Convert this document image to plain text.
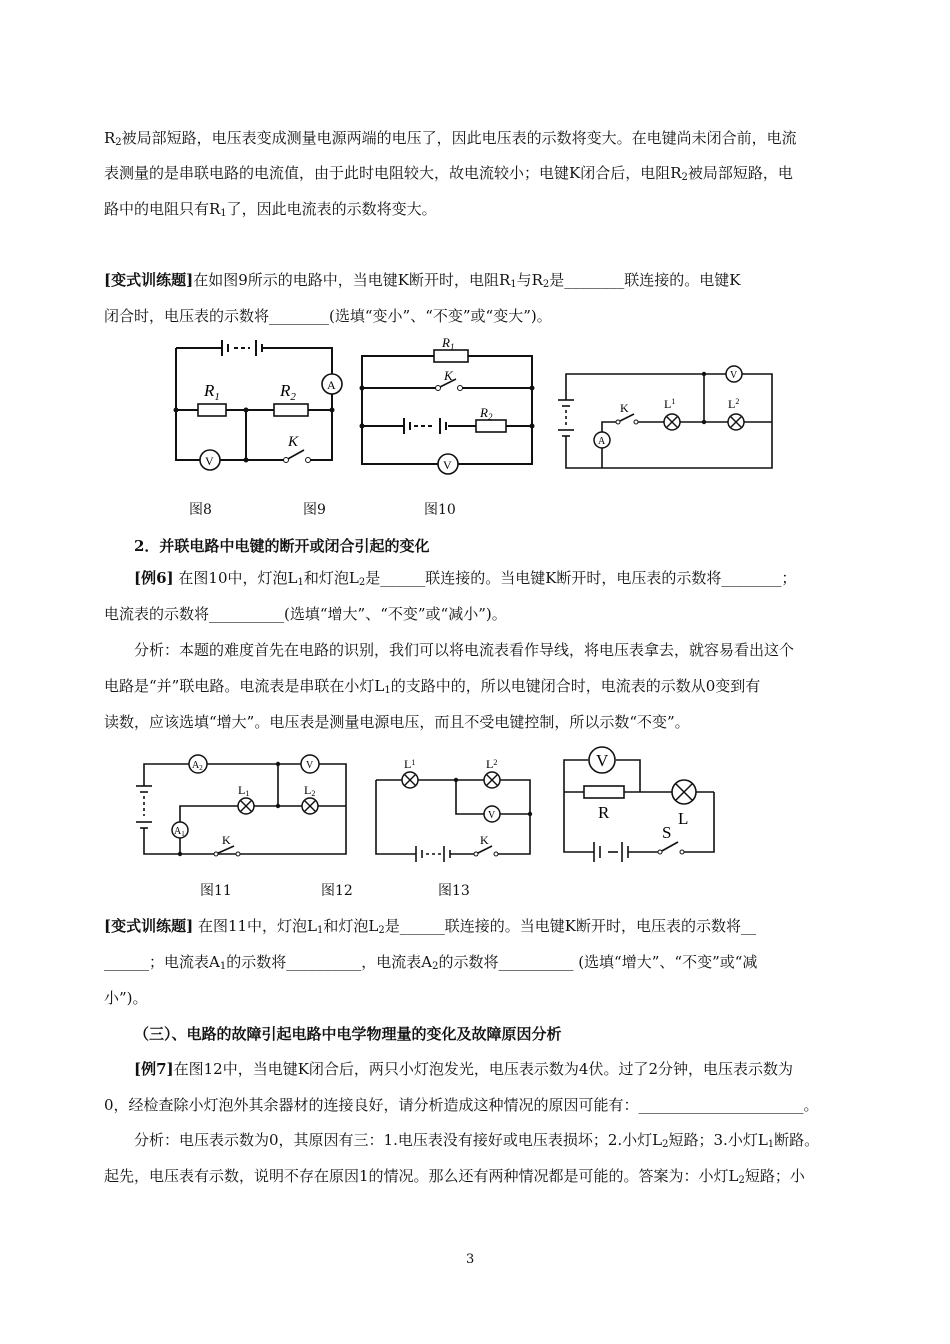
$R_2$被局部短路，电压表变成测量电源两端的电压了，因此电压表的示数将变大。在电键尚未闭合前，电流
表测量的是串联电路的电流值，由于此时电阻较大，故电流较小；电键K闭合后，电阻$R_2$被局部短路，电
路中的电阻只有$R_1$了，因此电流表的示数将变大。
[变式训练题]在如图9所示的电路中，当电键K断开时，电阻$R_1$与$R_2$是________联连接的。电键K
闭合时，电压表的示数将________(选填“变小”、“不变”或“变大”)。
$R_1$	$R_2$
A
V
K
$R_1$
$R_2$
K
V
K	$L^1$	$L^2$
A
V
图8	图9	图10
2．并联电路中电键的断开或闭合引起的变化
[例6] 在图10中，灯泡$L_1$和灯泡$L_2$是______联连接的。当电键K断开时，电压表的示数将________；
电流表的示数将__________(选填“增大”、“不变”或“减小”)。
分析：本题的难度首先在电路的识别，我们可以将电流表看作导线，将电压表拿去，就容易看出这个
电路是“并”联电路。电流表是串联在小灯$L_1$的支路中的，所以电键闭合时，电流表的示数从0变到有
读数，应该选填“增大”。电压表是测量电源电压，而且不受电键控制，所以示数“不变”。
$A_2$	V
$A_1$
L1	L2
K
$L^1$	$L^2$
V
K
V
R	L
S
图11	图12	图13
[变式训练题] 在图11中，灯泡$L_1$和灯泡$L_2$是______联连接的。当电键K断开时，电压表的示数将__
______；电流表$A_1$的示数将__________，电流表$A_2$的示数将__________ (选填“增大”、“不变”或“减
小”)。
（三）、电路的故障引起电路中电学物理量的变化及故障原因分析
[例7]在图12中，当电键K闭合后，两只小灯泡发光，电压表示数为4伏。过了2分钟，电压表示数为
0，经检查除小灯泡外其余器材的连接良好，请分析造成这种情况的原因可能有：______________________。
分析：电压表示数为0，其原因有三：1.电压表没有接好或电压表损坏；2.小灯$L_2$短路；3.小灯$L_1$断路。
起先，电压表有示数，说明不存在原因1的情况。那么还有两种情况都是可能的。答案为：小灯$L_2$短路；小
3
